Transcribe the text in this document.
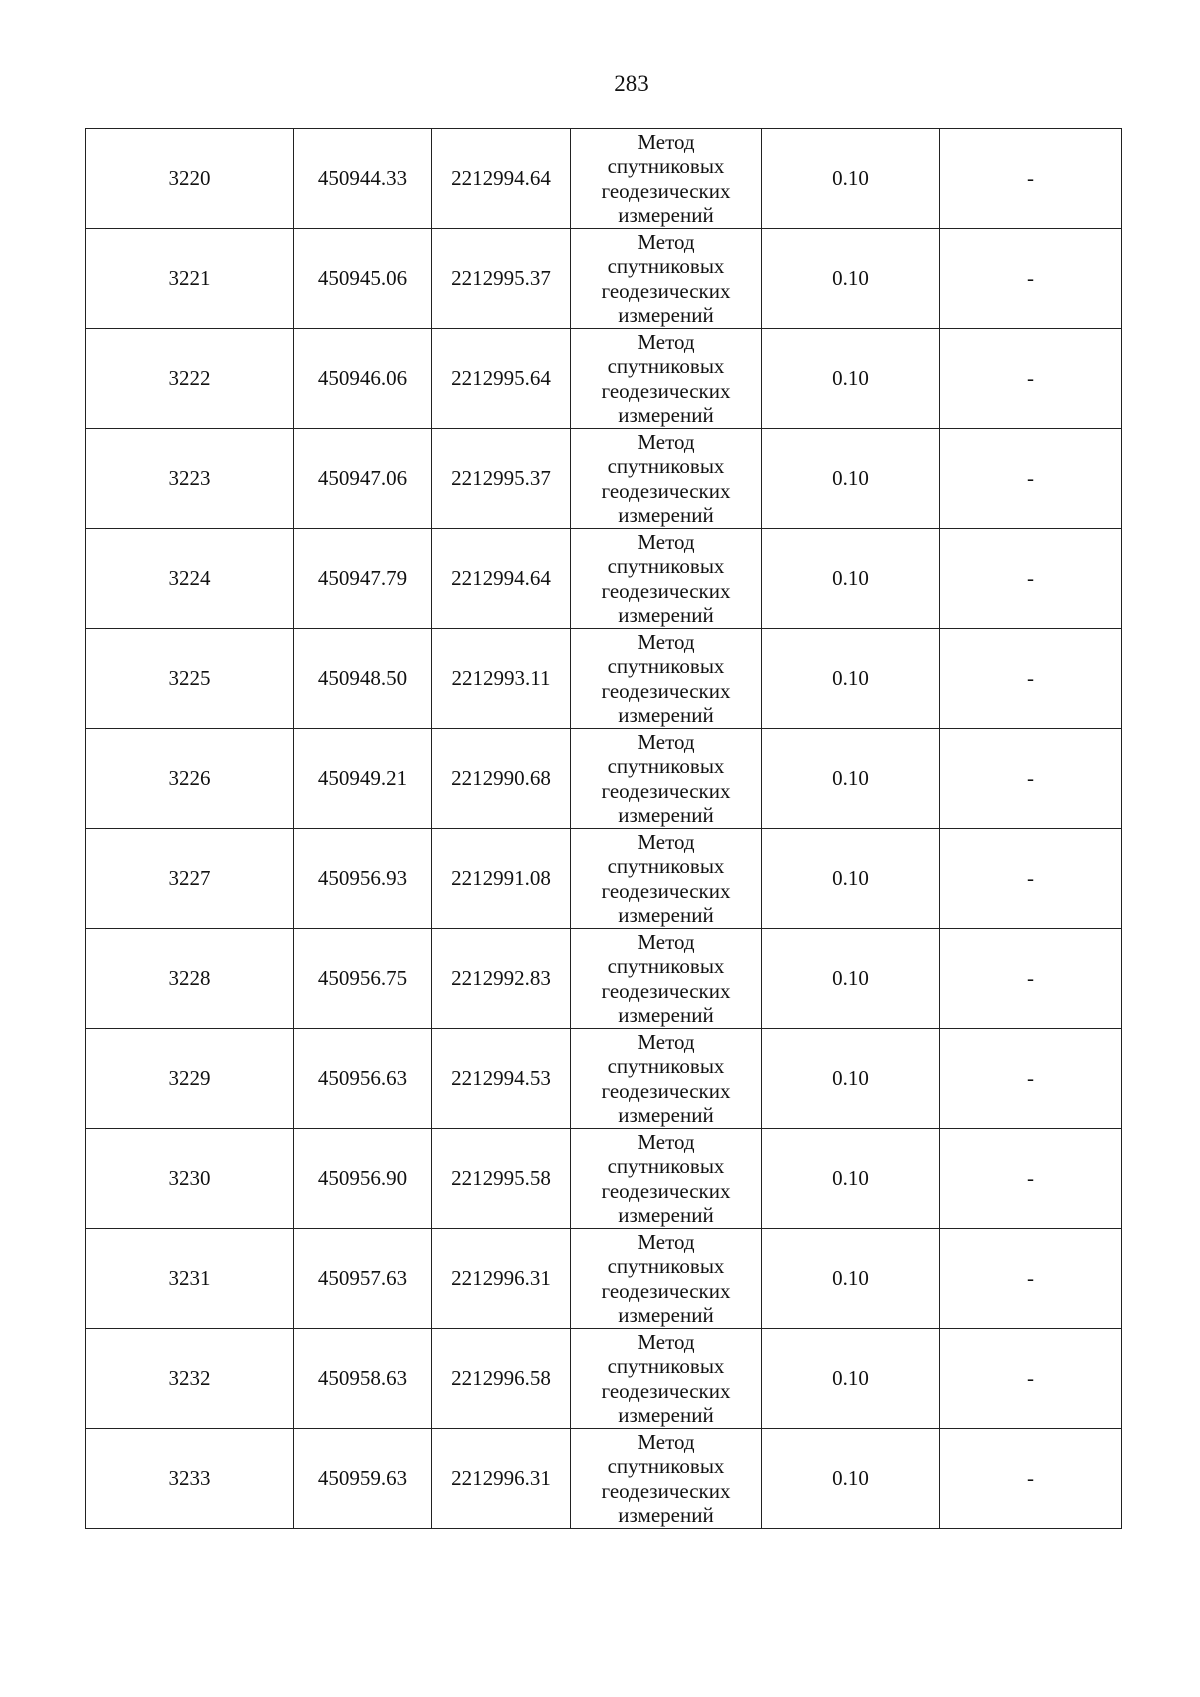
283
3220	450944.33	2212994.64	Метод
спутниковых
геодезических
измерений	0.10	-
3221	450945.06	2212995.37	Метод
спутниковых
геодезических
измерений	0.10	-
3222	450946.06	2212995.64	Метод
спутниковых
геодезических
измерений	0.10	-
3223	450947.06	2212995.37	Метод
спутниковых
геодезических
измерений	0.10	-
3224	450947.79	2212994.64	Метод
спутниковых
геодезических
измерений	0.10	-
3225	450948.50	2212993.11	Метод
спутниковых
геодезических
измерений	0.10	-
3226	450949.21	2212990.68	Метод
спутниковых
геодезических
измерений	0.10	-
3227	450956.93	2212991.08	Метод
спутниковых
геодезических
измерений	0.10	-
3228	450956.75	2212992.83	Метод
спутниковых
геодезических
измерений	0.10	-
3229	450956.63	2212994.53	Метод
спутниковых
геодезических
измерений	0.10	-
3230	450956.90	2212995.58	Метод
спутниковых
геодезических
измерений	0.10	-
3231	450957.63	2212996.31	Метод
спутниковых
геодезических
измерений	0.10	-
3232	450958.63	2212996.58	Метод
спутниковых
геодезических
измерений	0.10	-
3233	450959.63	2212996.31	Метод
спутниковых
геодезических
измерений	0.10	-
